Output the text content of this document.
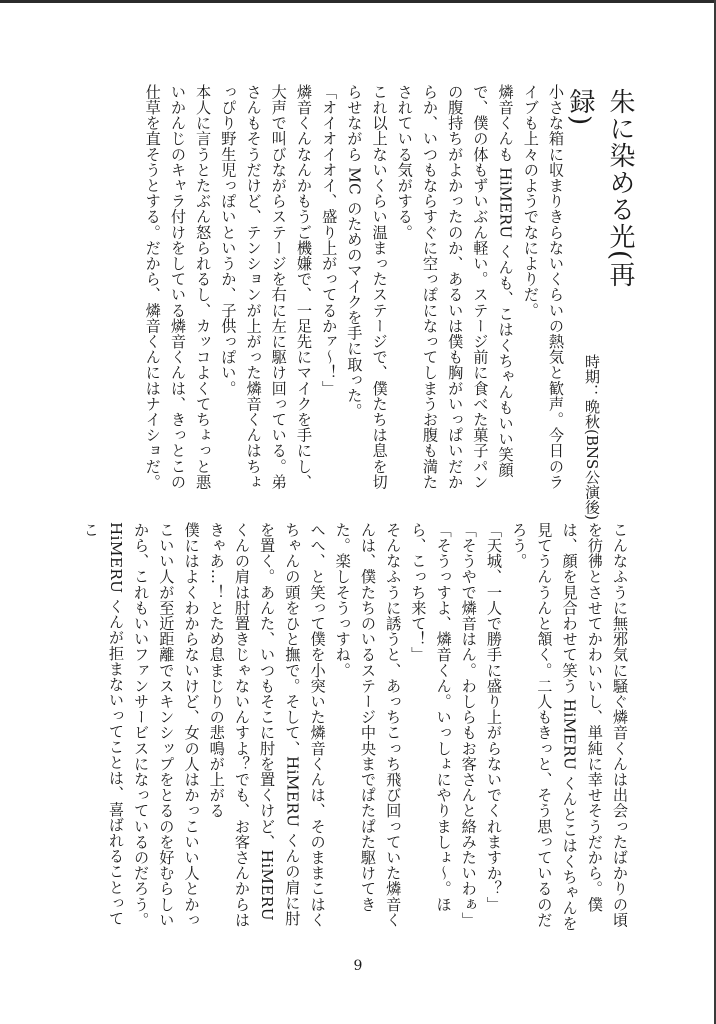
朱に染める光(再録)
時期：晩秋(BNS公演後)
小さな箱に収まりきらないくらいの熱気と歓声。今日のライブも上々のようでなによりだ。
燐音くんも HiMERU くんも、こはくちゃんもいい笑顔で、僕の体もずいぶん軽い。ステージ前に食べた菓子パンの腹持ちがよかったのか、あるいは僕も胸がいっぱいだからか、いつもならすぐに空っぽになってしまうお腹も満たされている気がする。
これ以上ないくらい温まったステージで、僕たちは息を切らせながら MC のためのマイクを手に取った。
「オイオイオイ、盛り上がってるかァ〜！」
燐音くんなんかもうご機嫌で、一足先にマイクを手にし、大声で叫びながらステージを右に左に駆け回っている。弟さんもそうだけど、テンションが上がった燐音くんはちょっぴり野生児っぽいというか、子供っぽい。
本人に言うとたぶん怒られるし、カッコよくてちょっと悪いかんじのキャラ付けをしている燐音くんは、きっとこの仕草を直そうとする。だから、燐音くんにはナイショだ。
こんなふうに無邪気に騒ぐ燐音くんは出会ったばかりの頃を彷彿とさせてかわいいし、単純に幸せそうだから。僕は、顔を見合わせて笑う HiMERU くんとこはくちゃんを見てうんうんと頷く。二人もきっと、そう思っているのだろう。
「天城、一人で勝手に盛り上がらないでくれますか？」
「そうやで燐音はん。わしらもお客さんと絡みたいわぁ」
「そうっすよ、燐音くん。いっしょにやりましょ〜。ほら、こっち来て！」
そんなふうに誘うと、あっちこっち飛び回っていた燐音くんは、僕たちのいるステージ中央までぱたぱた駆けてきた。楽しそうっすね。
へへ、と笑って僕を小突いた燐音くんは、そのままこはくちゃんの頭をひと撫で。そして、HiMERU くんの肩に肘を置く。あんた、いつもそこに肘を置くけど、HiMERU くんの肩は肘置きじゃないんすよ？でも、お客さんからはきゃあ…！とため息まじりの悲鳴が上がる
僕にはよくわからないけど、女の人はかっこいい人とかっこいい人が至近距離でスキンシップをとるのを好むらしいから、これもいいファンサービスになっているのだろう。
HiMERU くんが拒まないってことは、喜ばれることってこ
9
